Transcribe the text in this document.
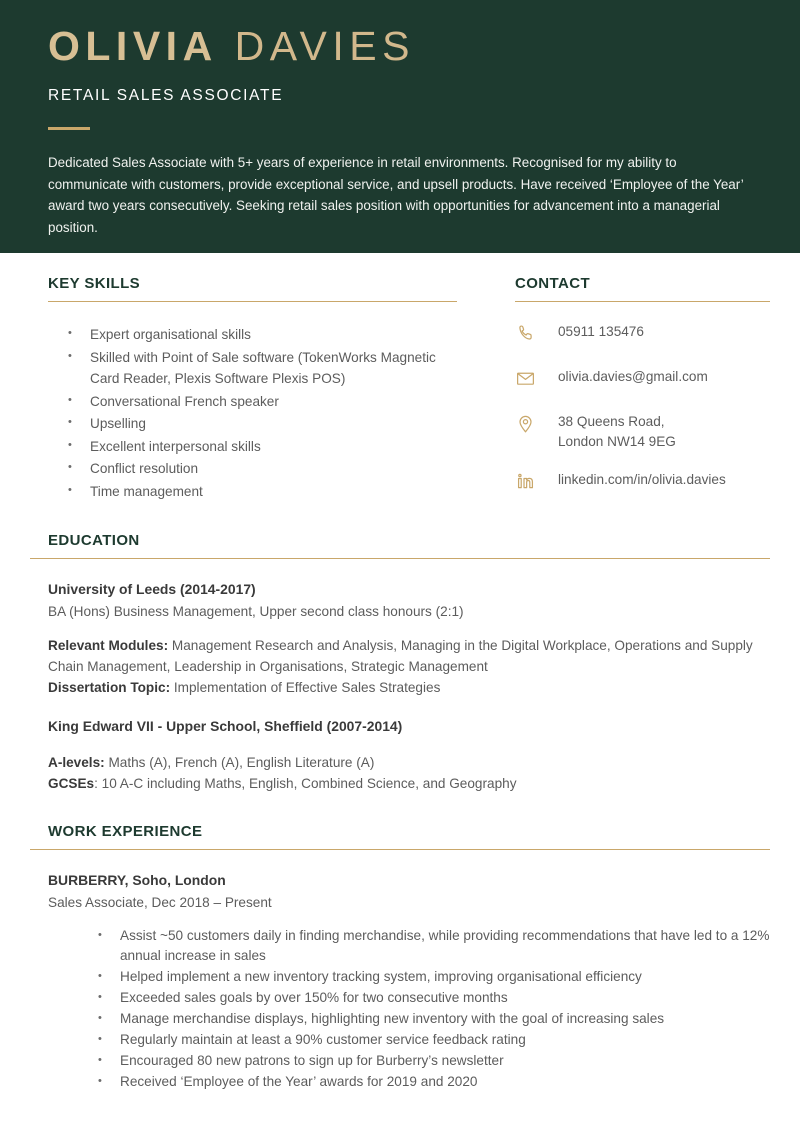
OLIVIA DAVIES
RETAIL SALES ASSOCIATE
Dedicated Sales Associate with 5+ years of experience in retail environments. Recognised for my ability to communicate with customers, provide exceptional service, and upsell products. Have received ‘Employee of the Year’ award two years consecutively. Seeking retail sales position with opportunities for advancement into a managerial position.
KEY SKILLS
• Expert organisational skills
• Skilled with Point of Sale software (TokenWorks Magnetic Card Reader, Plexis Software Plexis POS)
• Conversational French speaker
• Upselling
• Excellent interpersonal skills
• Conflict resolution
• Time management
CONTACT
05911 135476
olivia.davies@gmail.com
38 Queens Road,
London NW14 9EG
linkedin.com/in/olivia.davies
EDUCATION
University of Leeds (2014-2017)
BA (Hons) Business Management, Upper second class honours (2:1)
Relevant Modules: Management Research and Analysis, Managing in the Digital Workplace, Operations and Supply Chain Management, Leadership in Organisations, Strategic Management
Dissertation Topic: Implementation of Effective Sales Strategies
King Edward VII - Upper School, Sheffield (2007-2014)
A-levels: Maths (A), French (A), English Literature (A)
GCSEs: 10 A-C including Maths, English, Combined Science, and Geography
WORK EXPERIENCE
BURBERRY, Soho, London
Sales Associate, Dec 2018 – Present
• Assist ~50 customers daily in finding merchandise, while providing recommendations that have led to a 12% annual increase in sales
• Helped implement a new inventory tracking system, improving organisational efficiency
• Exceeded sales goals by over 150% for two consecutive months
• Manage merchandise displays, highlighting new inventory with the goal of increasing sales
• Regularly maintain at least a 90% customer service feedback rating
• Encouraged 80 new patrons to sign up for Burberry’s newsletter
• Received ‘Employee of the Year’ awards for 2019 and 2020
